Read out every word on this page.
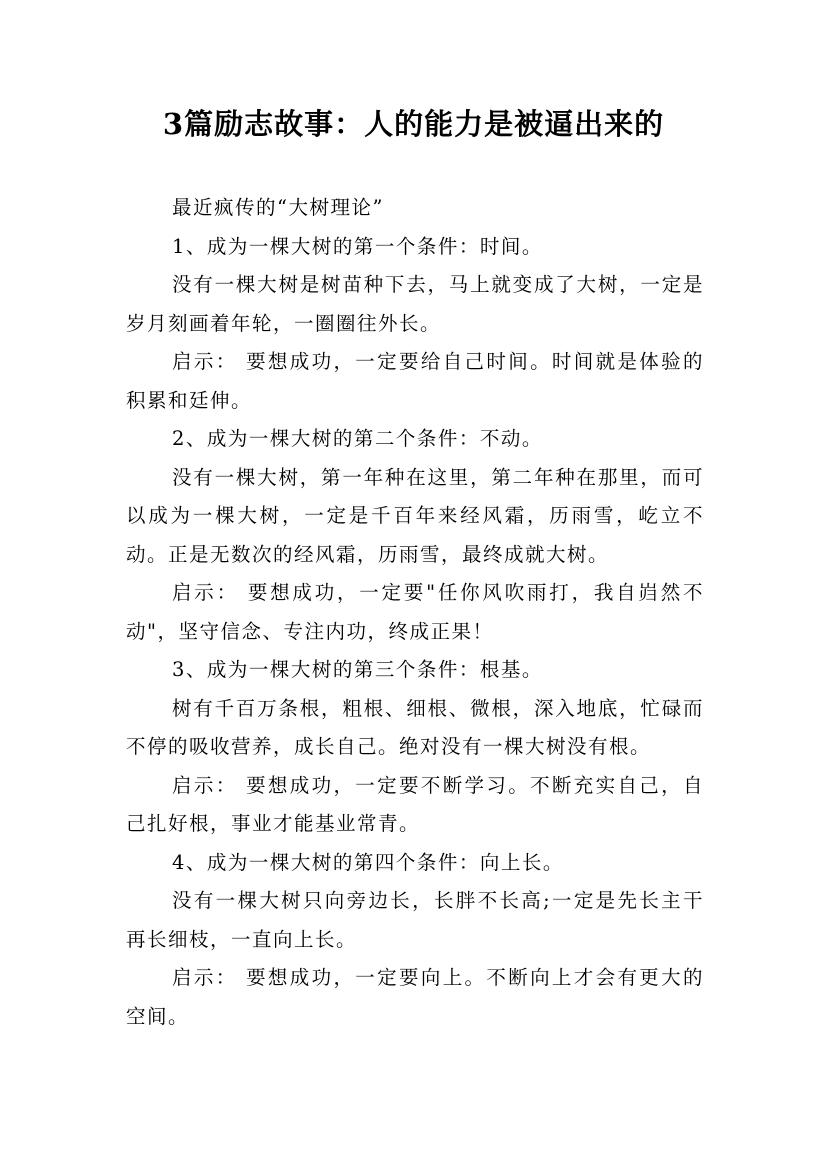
3篇励志故事：人的能力是被逼出来的

最近疯传的“大树理论”

1、成为一棵大树的第一个条件：时间。

没有一棵大树是树苗种下去，马上就变成了大树，一定是岁月刻画着年轮，一圈圈往外长。

启示： 要想成功，一定要给自己时间。时间就是体验的积累和廷伸。

2、成为一棵大树的第二个条件：不动。

没有一棵大树，第一年种在这里，第二年种在那里，而可以成为一棵大树，一定是千百年来经风霜，历雨雪，屹立不动。正是无数次的经风霜，历雨雪，最终成就大树。

启示： 要想成功，一定要"任你风吹雨打，我自岿然不动"，坚守信念、专注内功，终成正果！

3、成为一棵大树的第三个条件：根基。

树有千百万条根，粗根、细根、微根，深入地底，忙碌而不停的吸收营养，成长自己。绝对没有一棵大树没有根。

启示： 要想成功，一定要不断学习。不断充实自己，自己扎好根，事业才能基业常青。

4、成为一棵大树的第四个条件：向上长。

没有一棵大树只向旁边长，长胖不长高;一定是先长主干再长细枝，一直向上长。

启示： 要想成功，一定要向上。不断向上才会有更大的空间。
